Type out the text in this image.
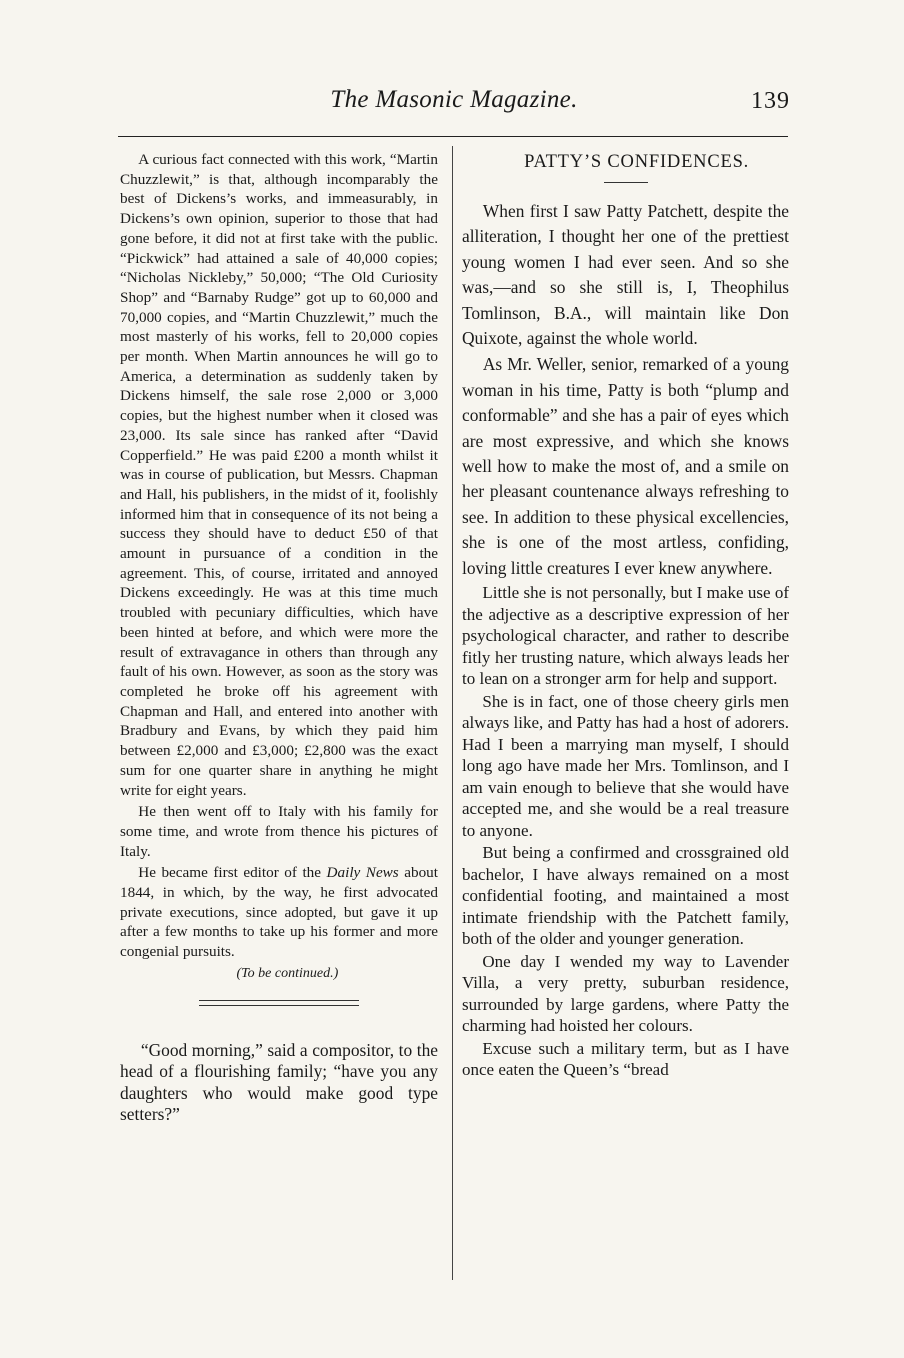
The Masonic Magazine.	139

A curious fact connected with this work, “Martin Chuzzlewit,” is that, although incomparably the best of Dickens’s works, and immeasurably, in Dickens’s own opinion, superior to those that had gone before, it did not at first take with the public. “Pickwick” had attained a sale of 40,000 copies; “Nicholas Nickleby,” 50,000; “The Old Curiosity Shop” and “Barnaby Rudge” got up to 60,000 and 70,000 copies, and “Martin Chuzzlewit,” much the most masterly of his works, fell to 20,000 copies per month. When Martin announces he will go to America, a determination as suddenly taken by Dickens himself, the sale rose 2,000 or 3,000 copies, but the highest number when it closed was 23,000. Its sale since has ranked after “David Copperfield.” He was paid £200 a month whilst it was in course of publication, but Messrs. Chapman and Hall, his publishers, in the midst of it, foolishly informed him that in consequence of its not being a success they should have to deduct £50 of that amount in pursuance of a condition in the agreement. This, of course, irritated and annoyed Dickens exceedingly. He was at this time much troubled with pecuniary difficulties, which have been hinted at before, and which were more the result of extravagance in others than through any fault of his own. However, as soon as the story was completed he broke off his agreement with Chapman and Hall, and entered into another with Bradbury and Evans, by which they paid him between £2,000 and £3,000; £2,800 was the exact sum for one quarter share in anything he might write for eight years.

He then went off to Italy with his family for some time, and wrote from thence his pictures of Italy.

He became first editor of the Daily News about 1844, in which, by the way, he first advocated private executions, since adopted, but gave it up after a few months to take up his former and more congenial pursuits.

(To be continued.)

“Good morning,” said a compositor, to the head of a flourishing family; “have you any daughters who would make good type setters?”

PATTY’S CONFIDENCES.

When first I saw Patty Patchett, despite the alliteration, I thought her one of the prettiest young women I had ever seen. And so she was,—and so she still is, I, Theophilus Tomlinson, B.A., will maintain like Don Quixote, against the whole world.

As Mr. Weller, senior, remarked of a young woman in his time, Patty is both “plump and conformable” and she has a pair of eyes which are most expressive, and which she knows well how to make the most of, and a smile on her pleasant countenance always refreshing to see. In addition to these physical excellencies, she is one of the most artless, confiding, loving little creatures I ever knew anywhere.

Little she is not personally, but I make use of the adjective as a descriptive expression of her psychological character, and rather to describe fitly her trusting nature, which always leads her to lean on a stronger arm for help and support.

She is in fact, one of those cheery girls men always like, and Patty has had a host of adorers. Had I been a marrying man myself, I should long ago have made her Mrs. Tomlinson, and I am vain enough to believe that she would have accepted me, and she would be a real treasure to anyone.

But being a confirmed and crossgrained old bachelor, I have always remained on a most confidential footing, and maintained a most intimate friendship with the Patchett family, both of the older and younger generation.

One day I wended my way to Lavender Villa, a very pretty, suburban residence, surrounded by large gardens, where Patty the charming had hoisted her colours.

Excuse such a military term, but as I have once eaten the Queen’s “bread
